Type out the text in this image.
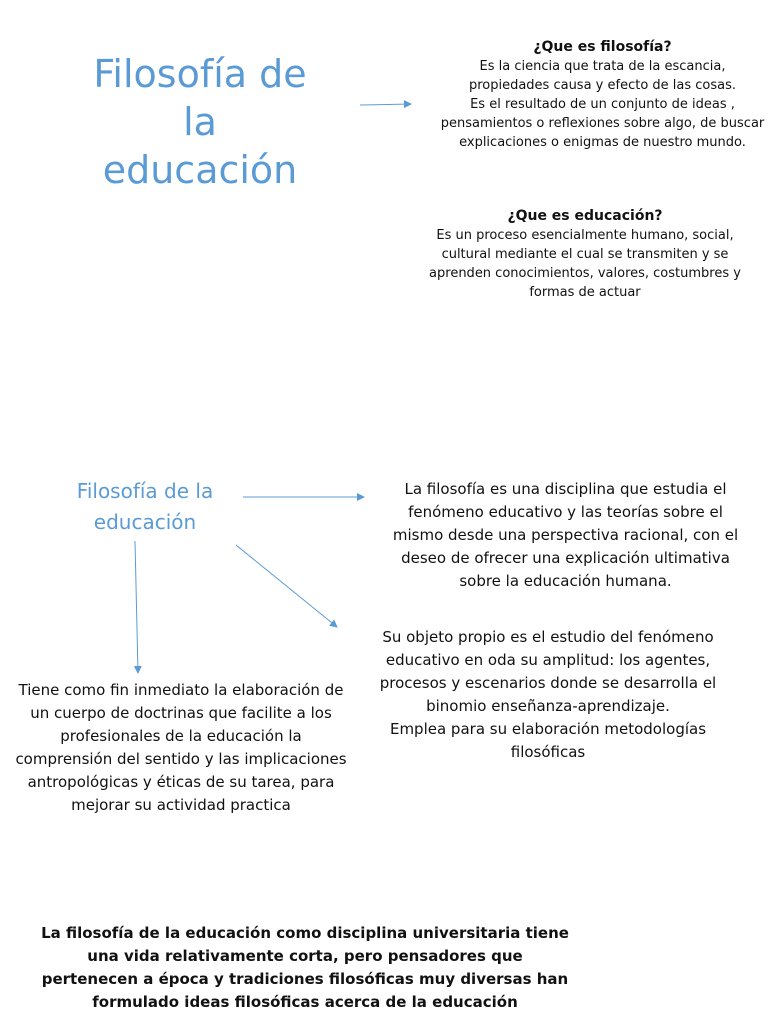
Filosofía de
la
educación
¿Que es filosofía?
Es la ciencia que trata de la escancia,
propiedades causa y efecto de las cosas.
Es el resultado de un conjunto de ideas ,
pensamientos o reflexiones sobre algo, de buscar
explicaciones o enigmas de nuestro mundo.
¿Que es educación?
Es un proceso esencialmente humano, social,
cultural mediante el cual se transmiten y se
aprenden conocimientos, valores, costumbres y
formas de actuar
Filosofía de la
educación
La filosofía es una disciplina que estudia el
fenómeno educativo y las teorías sobre el
mismo desde una perspectiva racional, con el
deseo de ofrecer una explicación ultimativa
sobre la educación humana.
Su objeto propio es el estudio del fenómeno
educativo en oda su amplitud: los agentes,
procesos y escenarios donde se desarrolla el
binomio enseñanza-aprendizaje.
Emplea para su elaboración metodologías
filosóficas
Tiene como fin inmediato la elaboración de
un cuerpo de doctrinas que facilite a los
profesionales de la educación la
comprensión del sentido y las implicaciones
antropológicas y éticas de su tarea, para
mejorar su actividad practica
La filosofía de la educación como disciplina universitaria tiene
una vida relativamente corta, pero pensadores que
pertenecen a época y tradiciones filosóficas muy diversas han
formulado ideas filosóficas acerca de la educación
